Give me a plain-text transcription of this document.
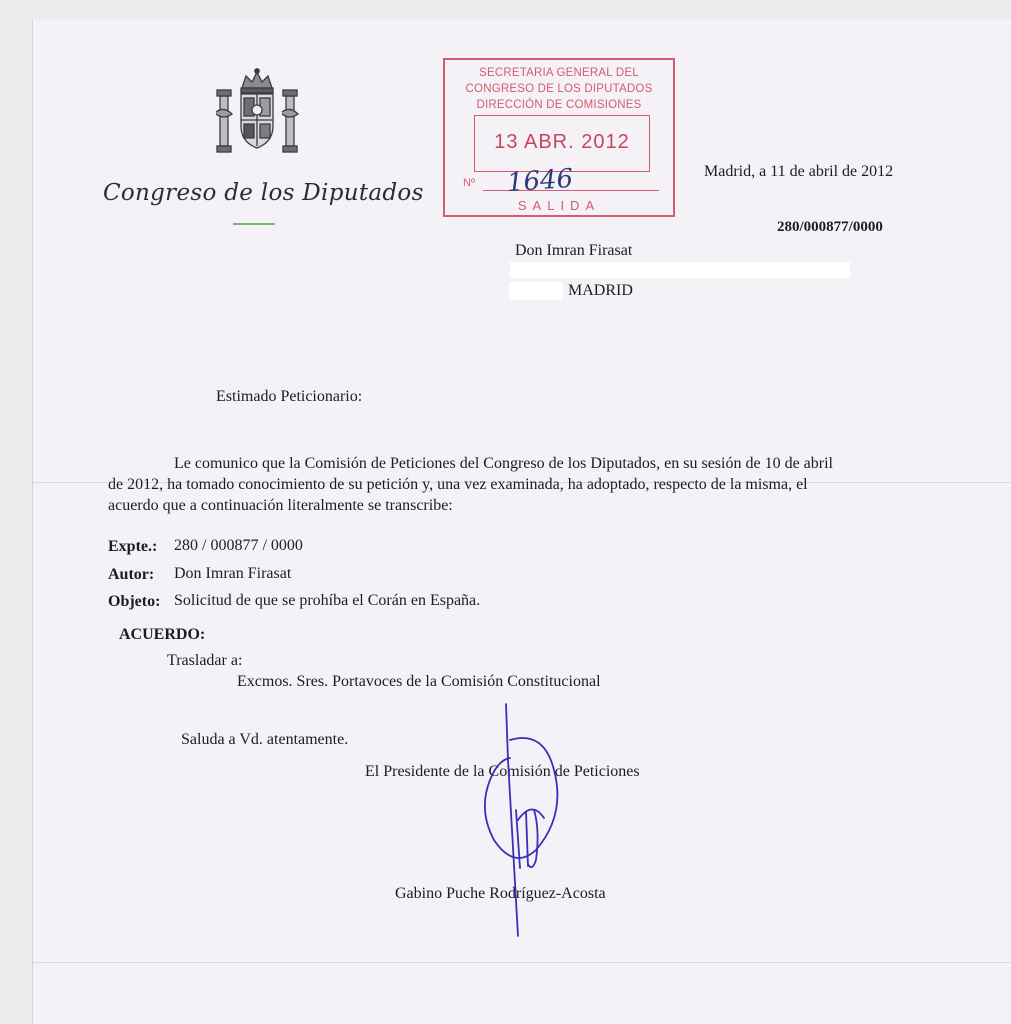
Congreso de los Diputados
SECRETARIA GENERAL DEL
CONGRESO DE LOS DIPUTADOS
DIRECCIÓN DE COMISIONES
13 ABR. 2012
Nº 1646
SALIDA
Madrid, a 11 de abril de 2012
280/000877/0000
Don Imran Firasat
MADRID
Estimado Peticionario:
Le comunico que la Comisión de Peticiones del Congreso de los Diputados, en su sesión de 10 de abril
de 2012, ha tomado conocimiento de su petición y, una vez examinada, ha adoptado, respecto de la misma, el
acuerdo que a continuación literalmente se transcribe:
Expte.: 280 / 000877 / 0000
Autor: Don Imran Firasat
Objeto: Solicitud de que se prohíba el Corán en España.
ACUERDO:
Trasladar a:
Excmos. Sres. Portavoces de la Comisión Constitucional
Saluda a Vd. atentamente.
El Presidente de la Comisión de Peticiones
Gabino Puche Rodríguez-Acosta
